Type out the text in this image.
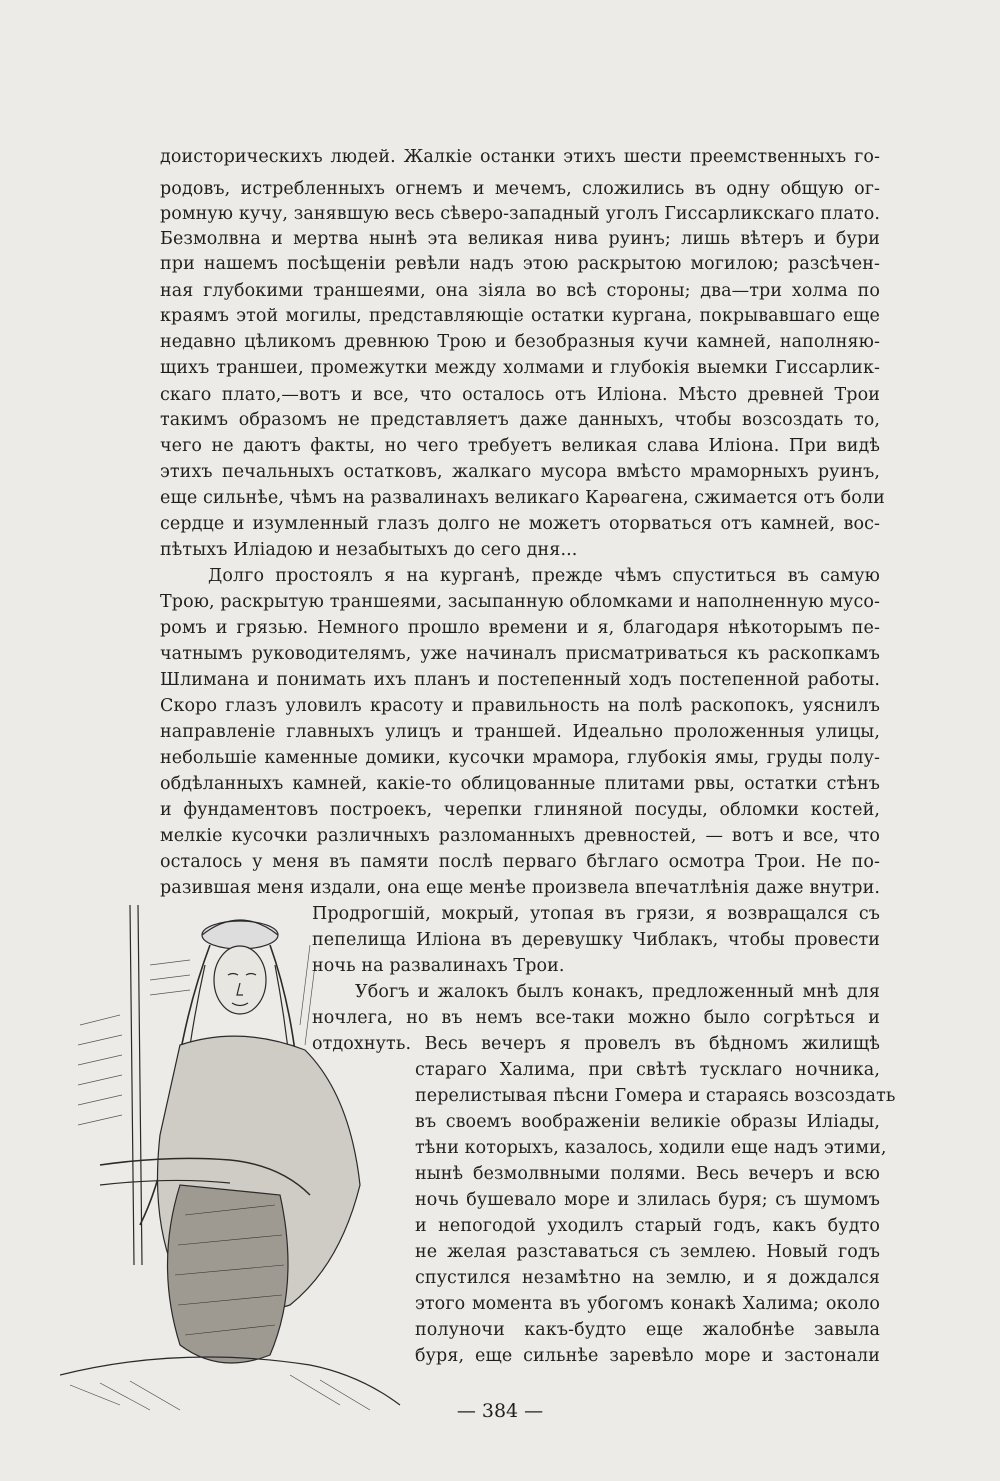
доисторическихъ людей. Жалкіе останки этихъ шести преемственныхъ го-
родовъ, истребленныхъ огнемъ и мечемъ, сложились въ одну общую ог-
ромную кучу, занявшую весь сѣверо-западный уголъ Гиссарликскаго плато.
Безмолвна и мертва нынѣ эта великая нива руинъ; лишь вѣтеръ и бури
при нашемъ посѣщеніи ревѣли надъ этою раскрытою могилою; разсѣчен-
ная глубокими траншеями, она зіяла во всѣ стороны; два—три холма по
краямъ этой могилы, представляющіе остатки кургана, покрывавшаго еще
недавно цѣликомъ древнюю Трою и безобразныя кучи камней, наполняю-
щихъ траншеи, промежутки между холмами и глубокія выемки Гиссарлик-
скаго плато,—вотъ и все, что осталось отъ Иліона. Мѣсто древней Трои
такимъ образомъ не представляетъ даже данныхъ, чтобы возсоздать то,
чего не даютъ факты, но чего требуетъ великая слава Иліона. При видѣ
этихъ печальныхъ остатковъ, жалкаго мусора вмѣсто мраморныхъ руинъ,
еще сильнѣе, чѣмъ на развалинахъ великаго Карѳагена, сжимается отъ боли
сердце и изумленный глазъ долго не можетъ оторваться отъ камней, вос-
пѣтыхъ Иліадою и незабытыхъ до сего дня...
Долго простоялъ я на курганѣ, прежде чѣмъ спуститься въ самую
Трою, раскрытую траншеями, засыпанную обломками и наполненную мусо-
ромъ и грязью. Немного прошло времени и я, благодаря нѣкоторымъ пе-
чатнымъ руководителямъ, уже начиналъ присматриваться къ раскопкамъ
Шлимана и понимать ихъ планъ и постепенный ходъ постепенной работы.
Скоро глазъ уловилъ красоту и правильность на полѣ раскопокъ, уяснилъ
направленіе главныхъ улицъ и траншей. Идеально проложенныя улицы,
небольшіе каменные домики, кусочки мрамора, глубокія ямы, груды полу-
обдѣланныхъ камней, какіе-то облицованные плитами рвы, остатки стѣнъ
и фундаментовъ построекъ, черепки глиняной посуды, обломки костей,
мелкіе кусочки различныхъ разломанныхъ древностей, — вотъ и все, что
осталось у меня въ памяти послѣ перваго бѣглаго осмотра Трои. Не по-
разившая меня издали, она еще менѣе произвела впечатлѣнія даже внутри.
Продрогшій, мокрый, утопая въ грязи, я возвращался съ
пепелища Иліона въ деревушку Чиблакъ, чтобы провести
ночь на развалинахъ Трои.
Убогъ и жалокъ былъ конакъ, предложенный мнѣ для
ночлега, но въ немъ все-таки можно было согрѣться и
отдохнуть. Весь вечеръ я провелъ въ бѣдномъ жилищѣ
стараго Халима, при свѣтѣ тусклаго ночника,
перелистывая пѣсни Гомера и стараясь возсоздать
въ своемъ воображеніи великіе образы Иліады,
тѣни которыхъ, казалось, ходили еще надъ этими,
нынѣ безмолвными полями. Весь вечеръ и всю
ночь бушевало море и злилась буря; съ шумомъ
и непогодой уходилъ старый годъ, какъ будто
не желая разставаться съ землею. Новый годъ
спустился незамѣтно на землю, и я дождался
этого момента въ убогомъ конакѣ Халима; около
полуночи какъ-будто еще жалобнѣе завыла
буря, еще сильнѣе заревѣло море и застонали
— 384 —
